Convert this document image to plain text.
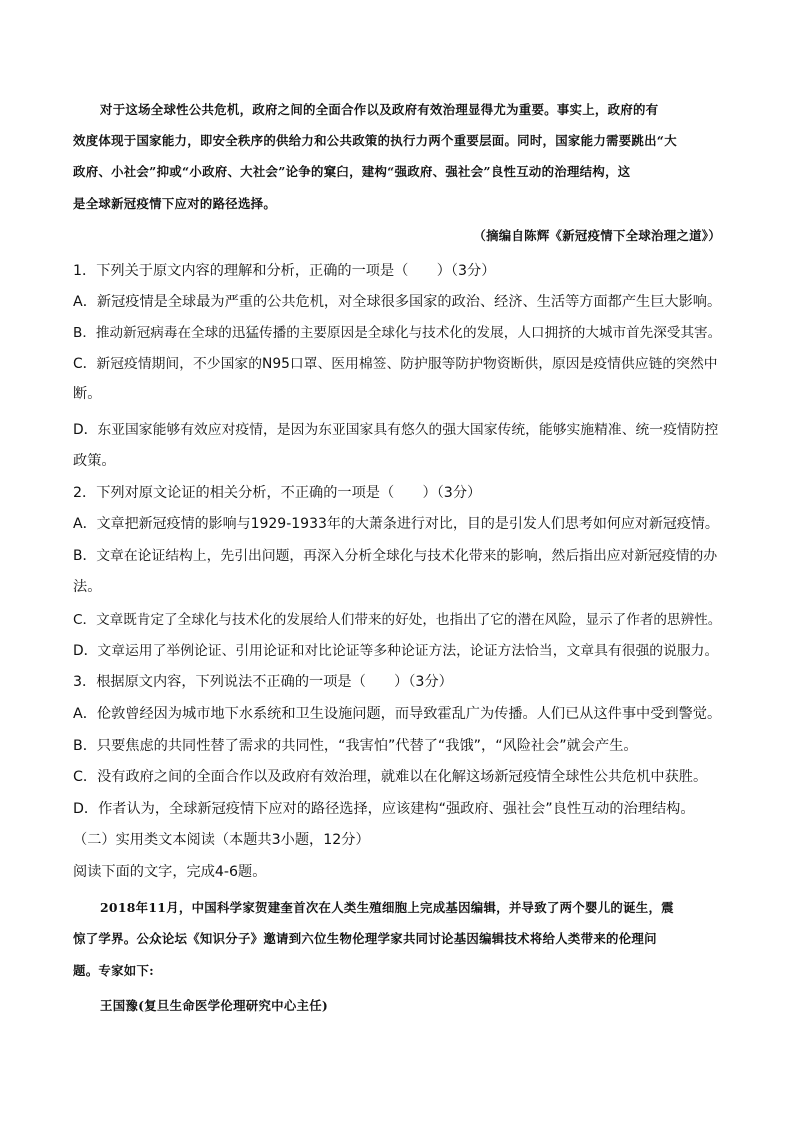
对于这场全球性公共危机，政府之间的全面合作以及政府有效治理显得尤为重要。事实上，政府的有
效度体现于国家能力，即安全秩序的供给力和公共政策的执行力两个重要层面。同时，国家能力需要跳出“大
政府、小社会”抑或“小政府、大社会”论争的窠臼，建构“强政府、强社会”良性互动的治理结构，这
是全球新冠疫情下应对的路径选择。
（摘编自陈辉《新冠疫情下全球治理之道》）
1．下列关于原文内容的理解和分析，正确的一项是（　　）（3分）
A．新冠疫情是全球最为严重的公共危机，对全球很多国家的政治、经济、生活等方面都产生巨大影响。
B．推动新冠病毒在全球的迅猛传播的主要原因是全球化与技术化的发展，人口拥挤的大城市首先深受其害。
C．新冠疫情期间，不少国家的N95口罩、医用棉签、防护服等防护物资断供，原因是疫情供应链的突然中
断。
D．东亚国家能够有效应对疫情，是因为东亚国家具有悠久的强大国家传统，能够实施精准、统一疫情防控
政策。
2．下列对原文论证的相关分析，不正确的一项是（　　）（3分）
A．文章把新冠疫情的影响与1929-1933年的大萧条进行对比，目的是引发人们思考如何应对新冠疫情。
B．文章在论证结构上，先引出问题，再深入分析全球化与技术化带来的影响，然后指出应对新冠疫情的办
法。
C．文章既肯定了全球化与技术化的发展给人们带来的好处，也指出了它的潜在风险，显示了作者的思辨性。
D．文章运用了举例论证、引用论证和对比论证等多种论证方法，论证方法恰当，文章具有很强的说服力。
3．根据原文内容，下列说法不正确的一项是（　　）（3分）
A．伦敦曾经因为城市地下水系统和卫生设施问题，而导致霍乱广为传播。人们已从这件事中受到警觉。
B．只要焦虑的共同性替了需求的共同性，“我害怕”代替了“我饿”，“风险社会”就会产生。
C．没有政府之间的全面合作以及政府有效治理，就难以在化解这场新冠疫情全球性公共危机中获胜。
D．作者认为，全球新冠疫情下应对的路径选择，应该建构“强政府、强社会”良性互动的治理结构。
（二）实用类文本阅读（本题共3小题，12分）
阅读下面的文字，完成4-6题。
2018年11月，中国科学家贺建奎首次在人类生殖细胞上完成基因编辑，并导致了两个婴儿的诞生，震
惊了学界。公众论坛《知识分子》邀请到六位生物伦理学家共同讨论基因编辑技术将给人类带来的伦理问
题。专家如下:
王国豫(复旦生命医学伦理研究中心主任)
